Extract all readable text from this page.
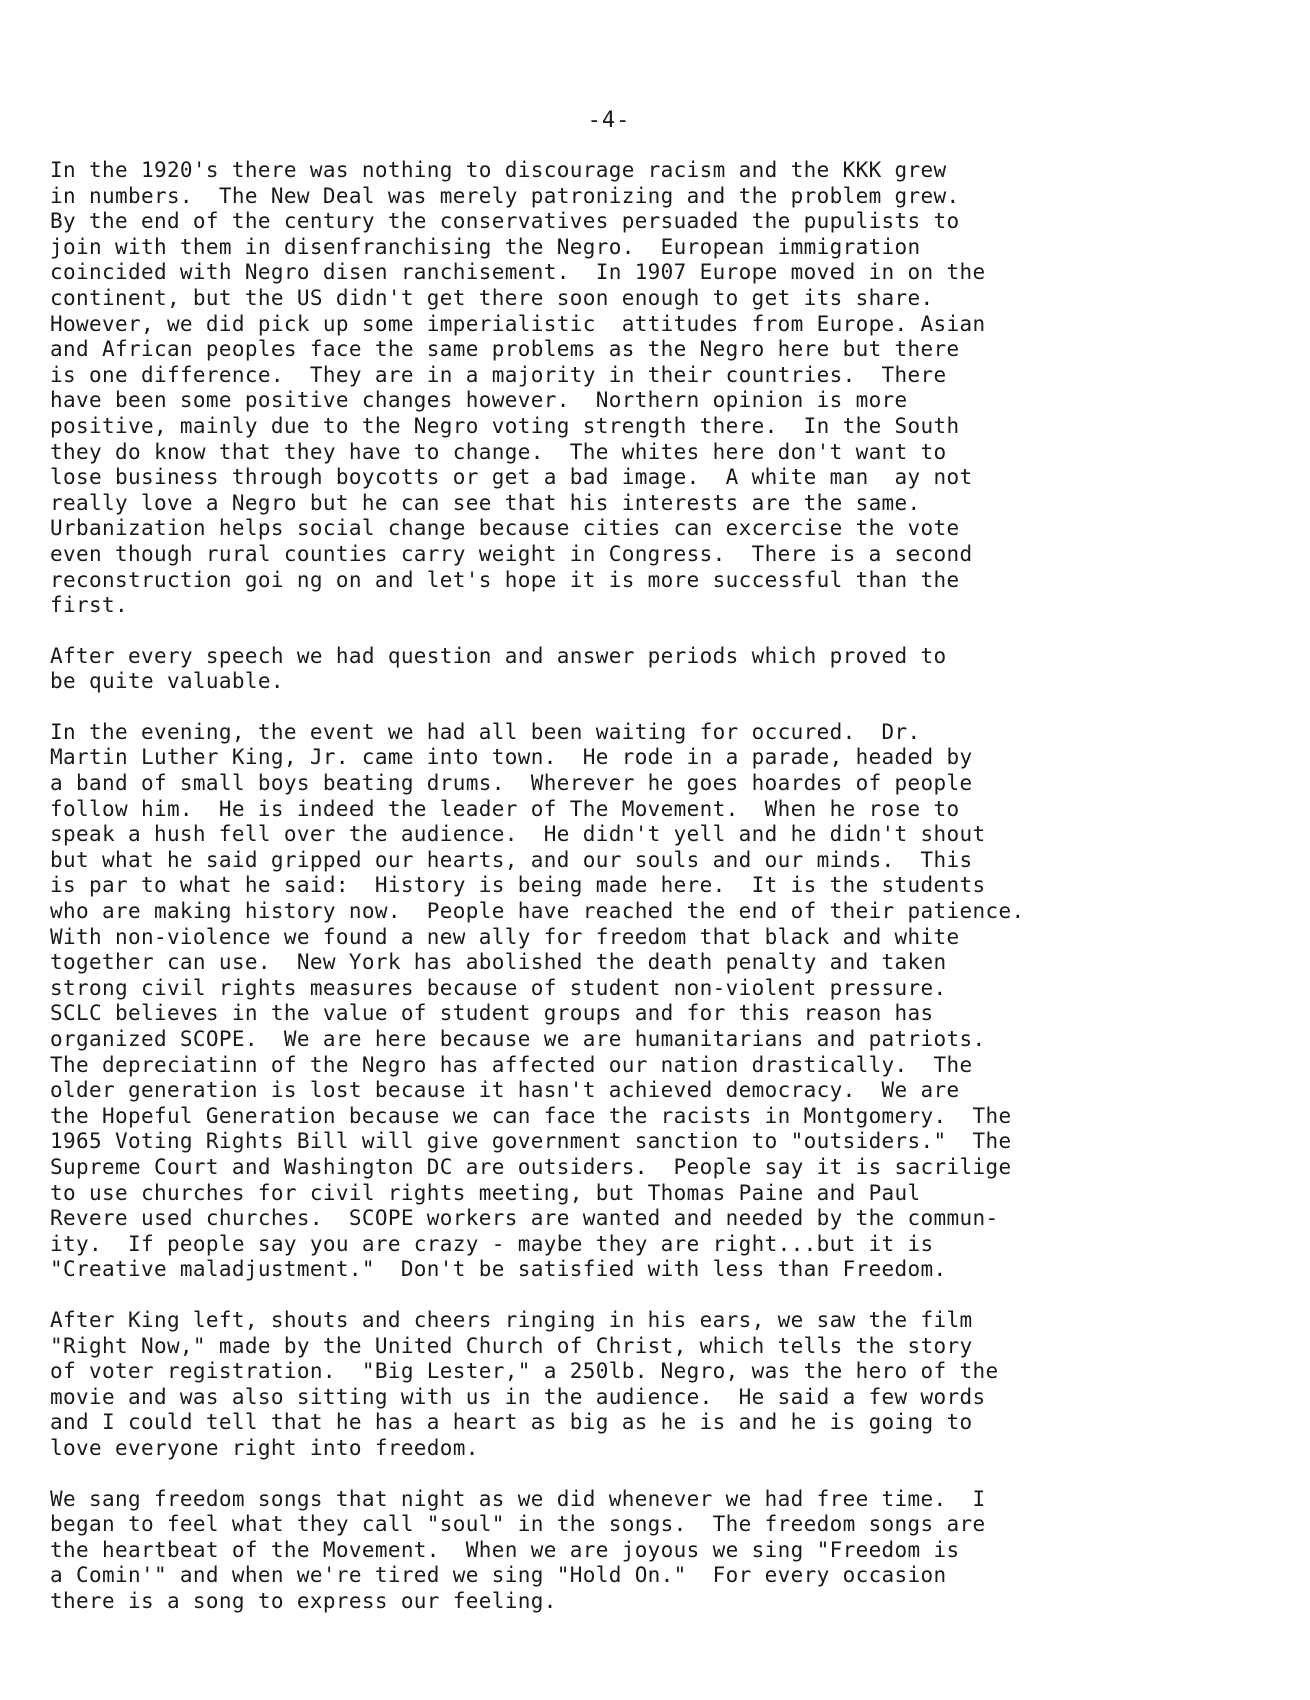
-4-
In the 1920's there was nothing to discourage racism and the KKK grew
in numbers.  The New Deal was merely patronizing and the problem grew.
By the end of the century the conservatives persuaded the pupulists to
join with them in disenfranchising the Negro.  European immigration
coincided with Negro disen ranchisement.  In 1907 Europe moved in on the
continent, but the US didn't get there soon enough to get its share.
However, we did pick up some imperialistic  attitudes from Europe. Asian
and African peoples face the same problems as the Negro here but there
is one difference.  They are in a majority in their countries.  There
have been some positive changes however.  Northern opinion is more
positive, mainly due to the Negro voting strength there.  In the South
they do know that they have to change.  The whites here don't want to
lose business through boycotts or get a bad image.  A white man  ay not
really love a Negro but he can see that his interests are the same.
Urbanization helps social change because cities can excercise the vote
even though rural counties carry weight in Congress.  There is a second
reconstruction goi ng on and let's hope it is more successful than the
first.
After every speech we had question and answer periods which proved to
be quite valuable.
In the evening, the event we had all been waiting for occured.  Dr.
Martin Luther King, Jr. came into town.  He rode in a parade, headed by
a band of small boys beating drums.  Wherever he goes hoardes of people
follow him.  He is indeed the leader of The Movement.  When he rose to
speak a hush fell over the audience.  He didn't yell and he didn't shout
but what he said gripped our hearts, and our souls and our minds.  This
is par to what he said:  History is being made here.  It is the students
who are making history now.  People have reached the end of their patience.
With non-violence we found a new ally for freedom that black and white
together can use.  New York has abolished the death penalty and taken
strong civil rights measures because of student non-violent pressure.
SCLC believes in the value of student groups and for this reason has
organized SCOPE.  We are here because we are humanitarians and patriots.
The depreciatinn of the Negro has affected our nation drastically.  The
older generation is lost because it hasn't achieved democracy.  We are
the Hopeful Generation because we can face the racists in Montgomery.  The
1965 Voting Rights Bill will give government sanction to "outsiders."  The
Supreme Court and Washington DC are outsiders.  People say it is sacrilige
to use churches for civil rights meeting, but Thomas Paine and Paul
Revere used churches.  SCOPE workers are wanted and needed by the commun-
ity.  If people say you are crazy - maybe they are right...but it is
"Creative maladjustment."  Don't be satisfied with less than Freedom.
After King left, shouts and cheers ringing in his ears, we saw the film
"Right Now," made by the United Church of Christ, which tells the story
of voter registration.  "Big Lester," a 250lb. Negro, was the hero of the
movie and was also sitting with us in the audience.  He said a few words
and I could tell that he has a heart as big as he is and he is going to
love everyone right into freedom.
We sang freedom songs that night as we did whenever we had free time.  I
began to feel what they call "soul" in the songs.  The freedom songs are
the heartbeat of the Movement.  When we are joyous we sing "Freedom is
a Comin'" and when we're tired we sing "Hold On."  For every occasion
there is a song to express our feeling.
